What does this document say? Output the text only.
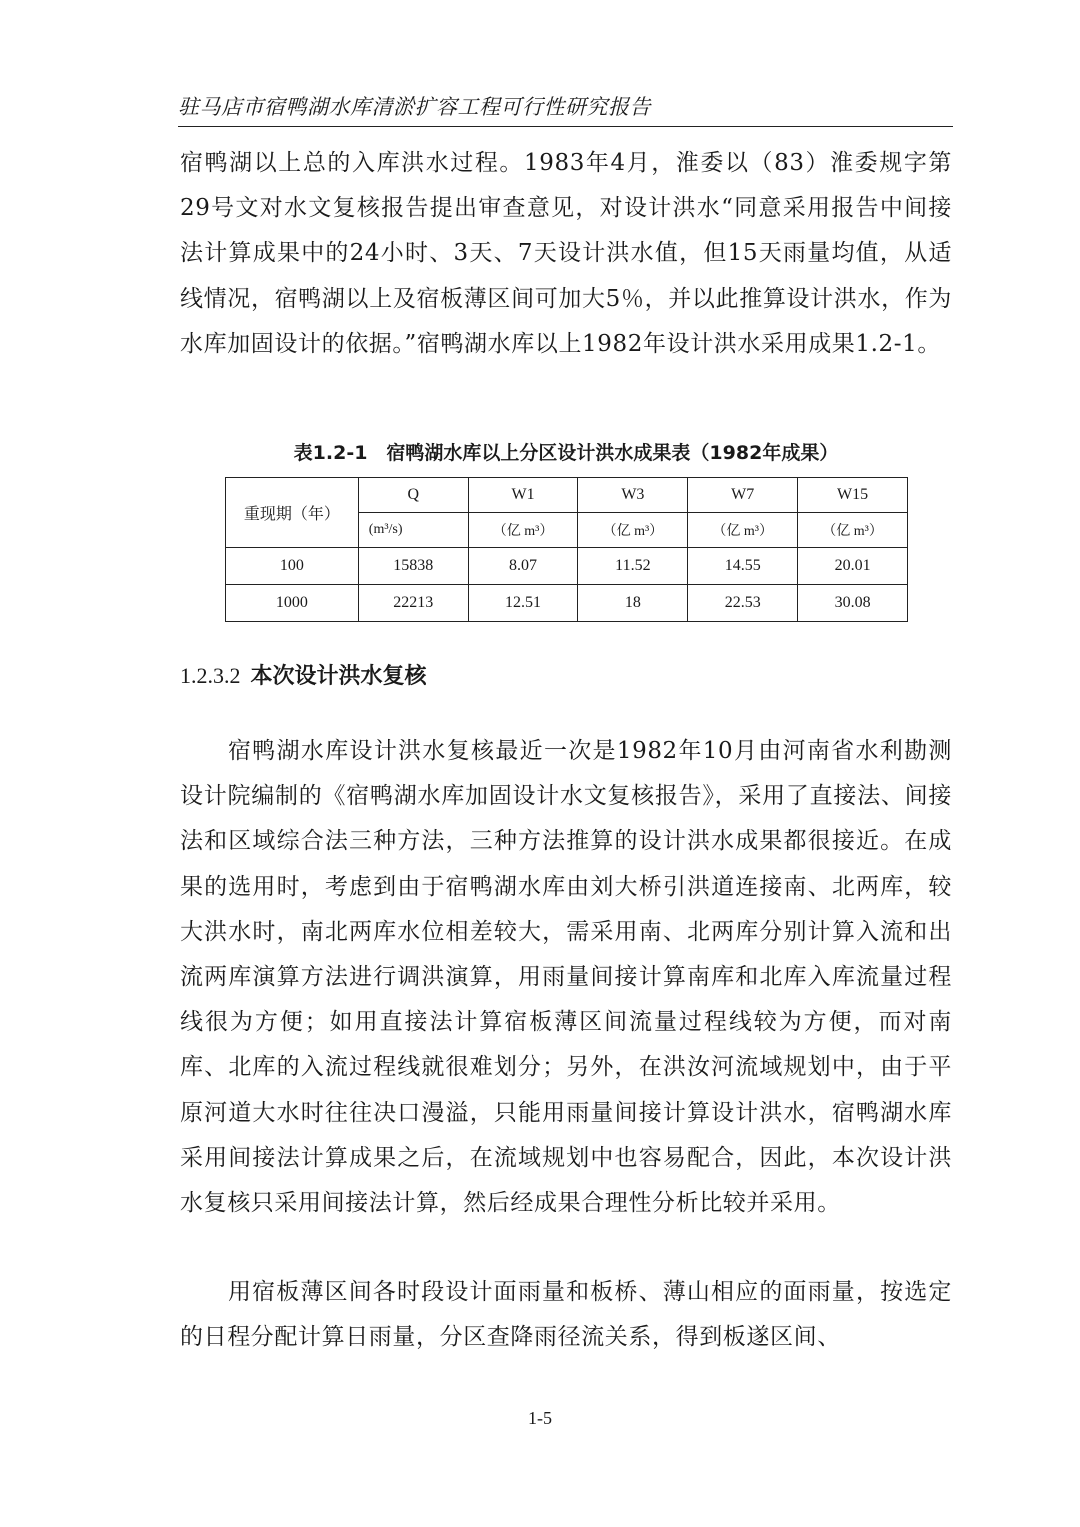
驻马店市宿鸭湖水库清淤扩容工程可行性研究报告

宿鸭湖以上总的入库洪水过程。1983年4月，淮委以（83）淮委规字第29号文对水文复核报告提出审查意见，对设计洪水“同意采用报告中间接法计算成果中的24小时、3天、7天设计洪水值，但15天雨量均值，从适线情况，宿鸭湖以上及宿板薄区间可加大5％，并以此推算设计洪水，作为水库加固设计的依据。”宿鸭湖水库以上1982年设计洪水采用成果1.2-1。

表1.2-1　宿鸭湖水库以上分区设计洪水成果表（1982年成果）
重现期（年）	Q	W1	W3	W7	W15
	(m³/s)	（亿 m³）	（亿 m³）	（亿 m³）	（亿 m³）
100	15838	8.07	11.52	14.55	20.01
1000	22213	12.51	18	22.53	30.08
1.2.3.2 本次设计洪水复核

宿鸭湖水库设计洪水复核最近一次是1982年10月由河南省水利勘测设计院编制的《宿鸭湖水库加固设计水文复核报告》，采用了直接法、间接法和区域综合法三种方法，三种方法推算的设计洪水成果都很接近。在成果的选用时，考虑到由于宿鸭湖水库由刘大桥引洪道连接南、北两库，较大洪水时，南北两库水位相差较大，需采用南、北两库分别计算入流和出流两库演算方法进行调洪演算，用雨量间接计算南库和北库入库流量过程线很为方便；如用直接法计算宿板薄区间流量过程线较为方便，而对南库、北库的入流过程线就很难划分；另外，在洪汝河流域规划中，由于平原河道大水时往往决口漫溢，只能用雨量间接计算设计洪水，宿鸭湖水库采用间接法计算成果之后，在流域规划中也容易配合，因此，本次设计洪水复核只采用间接法计算，然后经成果合理性分析比较并采用。

用宿板薄区间各时段设计面雨量和板桥、薄山相应的面雨量，按选定的日程分配计算日雨量，分区查降雨径流关系，得到板遂区间、

1-5
